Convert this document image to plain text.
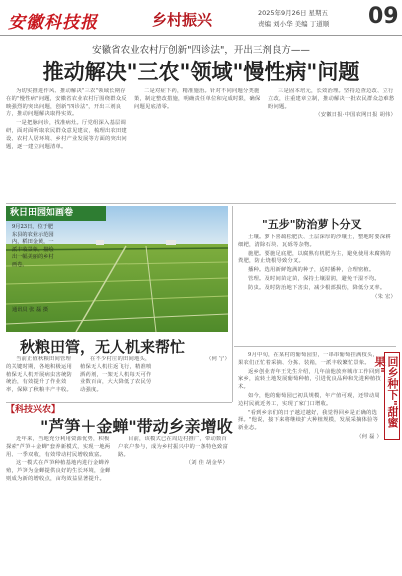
安徽科技报	乡村振兴	2025年9月26日 星期五
责编 刘小华 美编 丁道顺 09
安徽省农业农村厅创新"四诊法"，开出三剂良方——
推动解决"三农"领域"慢性病"问题

为切实推进作风、推动解决"三农"领域长期存在的"慢性病"问题，安徽省农业农村厅围绕群众反映强烈的突出问题，创新"四诊法"，开出三剂良方，推动问题解决取得实效。

一是把脉问诊，找准病灶。厅党组深入基层调研，面对面听取农民群众意见建议，梳理出农田建设、农村人居环境、乡村产业发展等方面的突出问题，逐一建立问题清单。

二是对症下药，精准施治。针对不同问题分类施策，制定整改措施，明确责任单位和完成时限，确保问题见底清零。

三是固本培元，长效治理。坚持边查边改、立行立改，注重建章立制，推动解决一批农民群众急难愁盼问题。

（安徽日报·中国农网日报 胡伟）

秋日田园如画卷
9月23日，位于肥东县的农业示范园内，稻田金黄，一派丰收景象，描绘出一幅美丽的乡村画卷。
通讯员 张 磊 摄
秋粮田管，无人机来帮忙

当前正值秋粮田间管理的关键时期，各地积极运用植保无人机开展病虫害统防统治，有效提升了作业效率，保障了秋粮丰产丰收。

在不少村庄的田间地头，植保无人机往返飞行，精准喷洒药剂，一架无人机每天可作业数百亩，大大降低了农民劳动强度。

（何 宁）

"五步"防治萝卜分叉

土壤。萝卜喜疏松肥沃、土层深厚的沙壤土，整地时要深耕细耙，清除石块、瓦砾等杂物。

施肥。要施足底肥，以腐熟有机肥为主，避免使用未腐熟的粪肥，防止烧根导致分叉。

播种。选用新鲜饱满的种子，适时播种，合理密植。

管理。及时间苗定苗，保持土壤湿润，避免干湿不均。

防虫。及时防治地下害虫，减少根部损伤，降低分叉率。

（朱 宏）

【科技兴农】
"芦笋＋金蝉"带动乡亲增收

近年来，当地充分利用资源优势，积极探索"芦笋＋金蝉"套养新模式，实现一地两用、一季双收，有效带动村民增收致富。

这一模式在芦笋种植基地内进行金蝉养殖，芦笋为金蝉提供良好的生长环境，金蝉则成为新的增收点，亩均效益显著提升。

目前，该模式已在周边村推广，带动数百户农户参与，成为乡村振兴中的一条特色致富路。

（刘 佳 胡金华）

9月中旬，在某村的葡萄园里，一串串葡萄挂满枝头，果农们正忙着采摘、分拣、装箱，一派丰收繁忙景象。

返乡创业青年王先生介绍，几年前他放弃城市工作回到家乡，流转土地发展葡萄种植，引进优良品种和先进种植技术。

如今，他的葡萄园已初具规模，年产值可观，还带动周边村民就近务工，实现了家门口增收。

"看到乡亲们的日子越过越好，我觉得回乡是正确的选择。"他说，接下来将继续扩大种植规模，发展采摘体验等新业态。

（何 磊 ）

回乡种下"甜蜜果"
